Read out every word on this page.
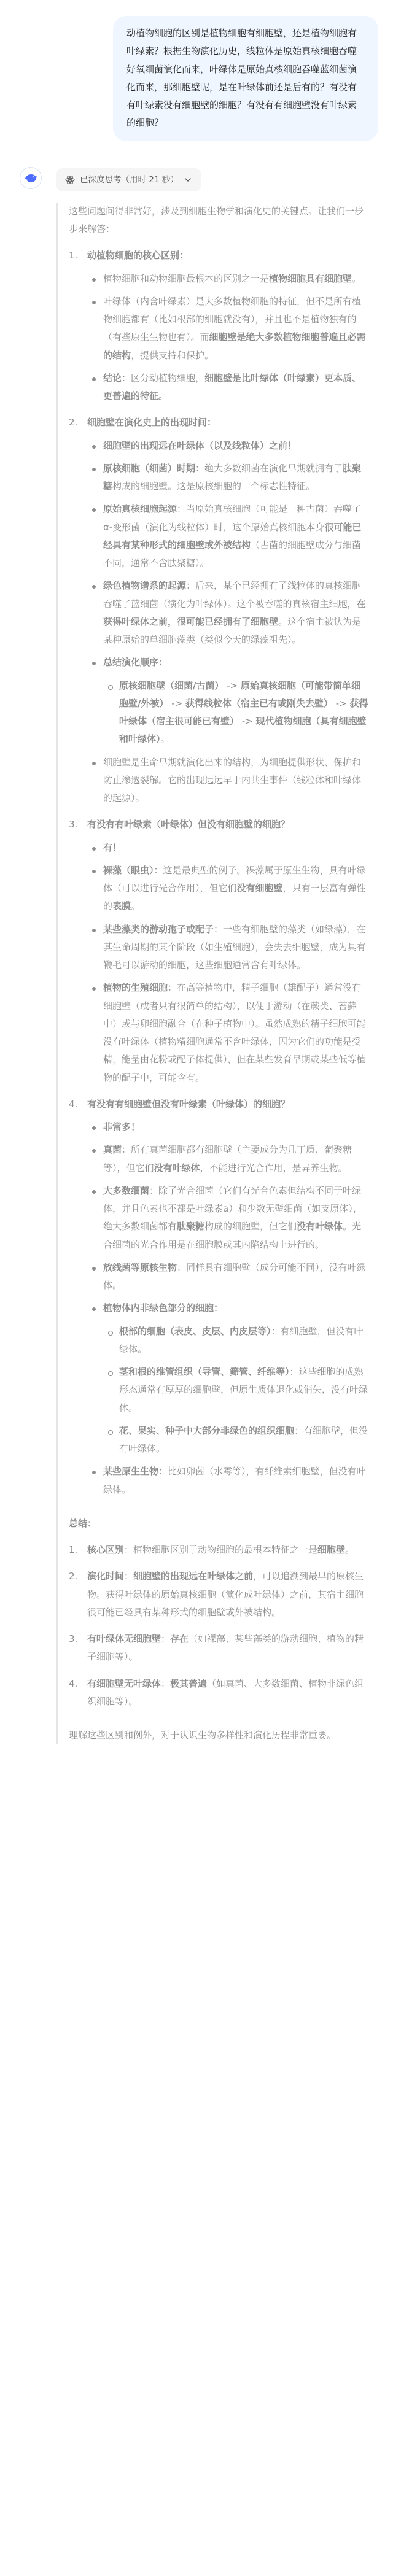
动植物细胞的区别是植物细胞有细胞壁，还是植物细胞有叶绿素？根据生物演化历史，线粒体是原始真核细胞吞噬好氧细菌演化而来，叶绿体是原始真核细胞吞噬蓝细菌演化而来，那细胞壁呢，是在叶绿体前还是后有的？有没有有叶绿素没有细胞壁的细胞？有没有有细胞壁没有叶绿素的细胞？
已深度思考（用时 21 秒）

这些问题问得非常好，涉及到细胞生物学和演化史的关键点。让我们一步步来解答：

1. 动植物细胞的核心区别：
植物细胞和动物细胞最根本的区别之一是植物细胞具有细胞壁。
叶绿体（内含叶绿素）是大多数植物细胞的特征，但不是所有植物细胞都有（比如根部的细胞就没有），并且也不是植物独有的（有些原生生物也有）。而细胞壁是绝大多数植物细胞普遍且必需的结构，提供支持和保护。
结论：区分动植物细胞，细胞壁是比叶绿体（叶绿素）更本质、更普遍的特征。
2. 细胞壁在演化史上的出现时间：
细胞壁的出现远在叶绿体（以及线粒体）之前！
原核细胞（细菌）时期：绝大多数细菌在演化早期就拥有了肽聚糖构成的细胞壁。这是原核细胞的一个标志性特征。
原始真核细胞起源：当原始真核细胞（可能是一种古菌）吞噬了α-变形菌（演化为线粒体）时，这个原始真核细胞本身很可能已经具有某种形式的细胞壁或外被结构（古菌的细胞壁成分与细菌不同，通常不含肽聚糖）。
绿色植物谱系的起源：后来，某个已经拥有了线粒体的真核细胞吞噬了蓝细菌（演化为叶绿体）。这个被吞噬的真核宿主细胞，在获得叶绿体之前，很可能已经拥有了细胞壁。这个宿主被认为是某种原始的单细胞藻类（类似今天的绿藻祖先）。
总结演化顺序：
原核细胞壁（细菌/古菌） -> 原始真核细胞（可能带简单细胞壁/外被） -> 获得线粒体（宿主已有或刚失去壁） -> 获得叶绿体（宿主很可能已有壁） -> 现代植物细胞（具有细胞壁和叶绿体）。
细胞壁是生命早期就演化出来的结构，为细胞提供形状、保护和防止渗透裂解。它的出现远远早于内共生事件（线粒体和叶绿体的起源）。
3. 有没有有叶绿素（叶绿体）但没有细胞壁的细胞？
有！
裸藻（眼虫）：这是最典型的例子。裸藻属于原生生物，具有叶绿体（可以进行光合作用），但它们没有细胞壁，只有一层富有弹性的表膜。
某些藻类的游动孢子或配子：一些有细胞壁的藻类（如绿藻），在其生命周期的某个阶段（如生殖细胞），会失去细胞壁，成为具有鞭毛可以游动的细胞，这些细胞通常含有叶绿体。
植物的生殖细胞：在高等植物中，精子细胞（雄配子）通常没有细胞壁（或者只有很简单的结构），以便于游动（在蕨类、苔藓中）或与卵细胞融合（在种子植物中）。虽然成熟的精子细胞可能没有叶绿体（植物精细胞通常不含叶绿体，因为它们的功能是受精，能量由花粉或配子体提供），但在某些发育早期或某些低等植物的配子中，可能含有。
4. 有没有有细胞壁但没有叶绿素（叶绿体）的细胞？
非常多！
真菌：所有真菌细胞都有细胞壁（主要成分为几丁质、葡聚糖等），但它们没有叶绿体，不能进行光合作用，是异养生物。
大多数细菌：除了光合细菌（它们有光合色素但结构不同于叶绿体，并且色素也不都是叶绿素a）和少数无壁细菌（如支原体），绝大多数细菌都有肽聚糖构成的细胞壁，但它们没有叶绿体。光合细菌的光合作用是在细胞膜或其内陷结构上进行的。
放线菌等原核生物：同样具有细胞壁（成分可能不同），没有叶绿体。
植物体内非绿色部分的细胞：
根部的细胞（表皮、皮层、内皮层等）：有细胞壁，但没有叶绿体。
茎和根的维管组织（导管、筛管、纤维等）：这些细胞的成熟形态通常有厚厚的细胞壁，但原生质体退化或消失，没有叶绿体。
花、果实、种子中大部分非绿色的组织细胞：有细胞壁，但没有叶绿体。
某些原生生物：比如卵菌（水霉等），有纤维素细胞壁，但没有叶绿体。
总结：
1. 核心区别：植物细胞区别于动物细胞的最根本特征之一是细胞壁。
2. 演化时间：细胞壁的出现远在叶绿体之前，可以追溯到最早的原核生物。获得叶绿体的原始真核细胞（演化成叶绿体）之前，其宿主细胞很可能已经具有某种形式的细胞壁或外被结构。
3. 有叶绿体无细胞壁：存在（如裸藻、某些藻类的游动细胞、植物的精子细胞等）。
4. 有细胞壁无叶绿体：极其普遍（如真菌、大多数细菌、植物非绿色组织细胞等）。

理解这些区别和例外，对于认识生物多样性和演化历程非常重要。
